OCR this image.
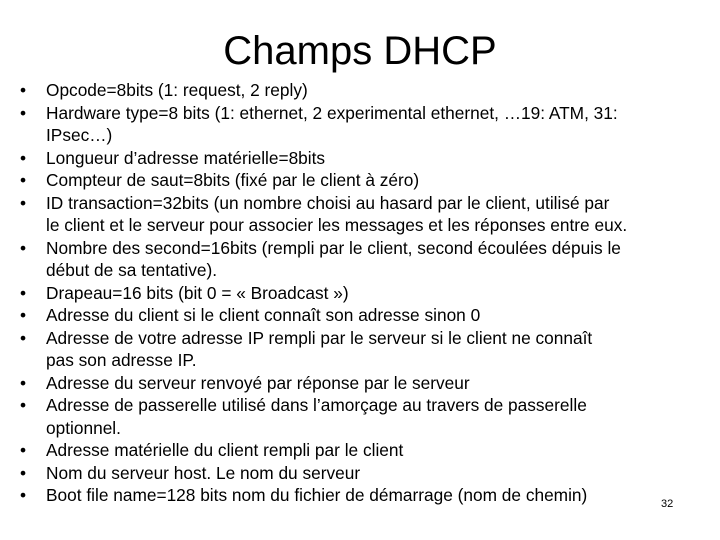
Champs DHCP
•	Opcode=8bits (1: request, 2 reply)
•	Hardware type=8 bits (1: ethernet, 2 experimental ethernet, …19: ATM, 31:
IPsec…)
•	Longueur d’adresse matérielle=8bits
•	Compteur de saut=8bits (fixé par le client à zéro)
•	ID transaction=32bits (un nombre choisi au hasard par le client, utilisé par
le client et le serveur pour associer les messages et les réponses entre eux.
•	Nombre des second=16bits (rempli par le client, second écoulées dépuis le
début de sa tentative).
•	Drapeau=16 bits (bit 0 = « Broadcast »)
•	Adresse du client si le client connaît son adresse sinon 0
•	Adresse de votre adresse IP rempli par le serveur si le client ne connaît
pas son adresse IP.
•	Adresse du serveur renvoyé par réponse par le serveur
•	Adresse de passerelle utilisé dans l’amorçage au travers de passerelle
optionnel.
•	Adresse matérielle du client rempli par le client
•	Nom du serveur host. Le nom du serveur
•	Boot file name=128 bits nom du fichier de démarrage (nom de chemin)	32
